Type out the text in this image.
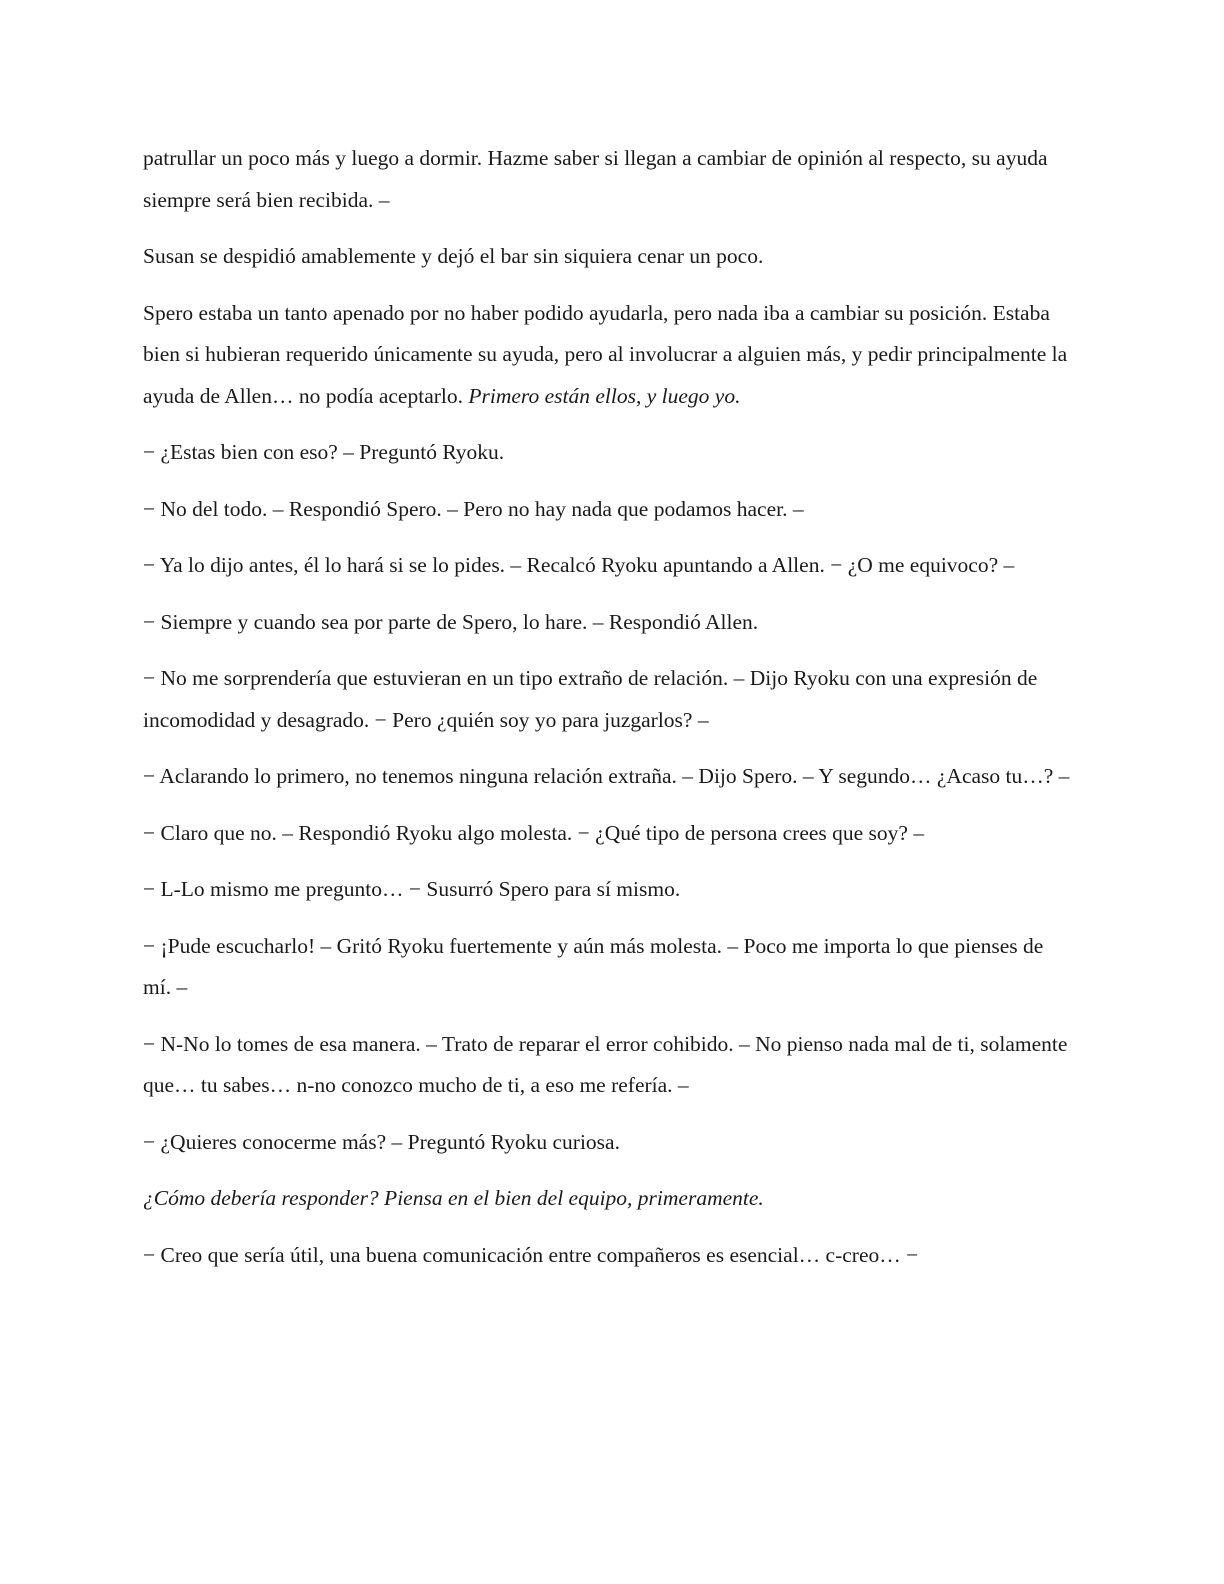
patrullar un poco más y luego a dormir. Hazme saber si llegan a cambiar de opinión al respecto, su ayuda siempre será bien recibida. –

Susan se despidió amablemente y dejó el bar sin siquiera cenar un poco.

Spero estaba un tanto apenado por no haber podido ayudarla, pero nada iba a cambiar su posición. Estaba bien si hubieran requerido únicamente su ayuda, pero al involucrar a alguien más, y pedir principalmente la ayuda de Allen… no podía aceptarlo. Primero están ellos, y luego yo.

− ¿Estas bien con eso? – Preguntó Ryoku.

− No del todo. – Respondió Spero. – Pero no hay nada que podamos hacer. –

− Ya lo dijo antes, él lo hará si se lo pides. – Recalcó Ryoku apuntando a Allen. − ¿O me equivoco? –

− Siempre y cuando sea por parte de Spero, lo hare. – Respondió Allen.

− No me sorprendería que estuvieran en un tipo extraño de relación. – Dijo Ryoku con una expresión de incomodidad y desagrado. − Pero ¿quién soy yo para juzgarlos? –

− Aclarando lo primero, no tenemos ninguna relación extraña. – Dijo Spero. – Y segundo… ¿Acaso tu…? –

− Claro que no. – Respondió Ryoku algo molesta. − ¿Qué tipo de persona crees que soy? –

− L-Lo mismo me pregunto… − Susurró Spero para sí mismo.

− ¡Pude escucharlo! – Gritó Ryoku fuertemente y aún más molesta. – Poco me importa lo que pienses de mí. –

− N-No lo tomes de esa manera. – Trato de reparar el error cohibido. – No pienso nada mal de ti, solamente que… tu sabes… n-no conozco mucho de ti, a eso me refería. –

− ¿Quieres conocerme más? – Preguntó Ryoku curiosa.

¿Cómo debería responder? Piensa en el bien del equipo, primeramente.

− Creo que sería útil, una buena comunicación entre compañeros es esencial… c-creo… −
